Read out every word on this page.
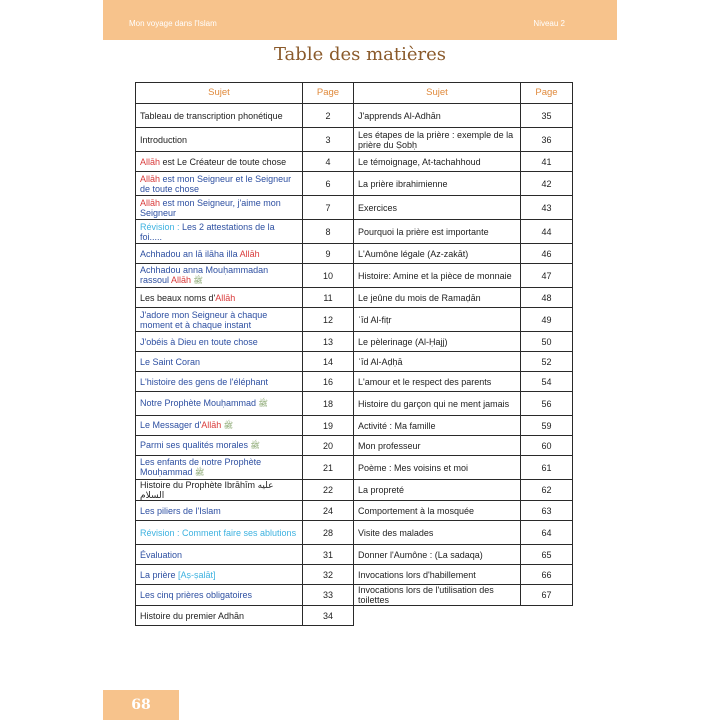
Mon voyage dans l'Islam	Niveau 2
Table des matières
Sujet	Page	Sujet	Page
Tableau de transcription phonétique	2	J'apprends Al-Adhān	35
Introduction	3	Les étapes de la prière : exemple de la prière du Ṣobḥ	36
Allāh est Le Créateur de toute chose	4	Le témoignage, At-tachahhoud	41
Allāh est mon Seigneur et le Seigneur de toute chose	6	La prière ibrahimienne	42
Allāh est mon Seigneur, j'aime mon Seigneur	7	Exercices	43
Révision : Les 2 attestations de la foi.....	8	Pourquoi la prière est importante	44
Achhadou an lā ilāha illa Allāh	9	L'Aumône légale (Az-zakāt)	46
Achhadou anna Mouḥammadan rassoul Allāh ﷺ	10	Histoire: Amine et la pièce de monnaie	47
Les beaux noms d'Allāh	11	Le jeûne du mois de Ramaḍān	48
J'adore mon Seigneur à chaque moment et à chaque instant	12	ʿīd Al-fiṭr	49
J'obéis à Dieu en toute chose	13	Le pèlerinage (Al-Ḥajj)	50
Le Saint Coran	14	ʿīd Al-Aḍḥā	52
L'histoire des gens de l'éléphant	16	L'amour et le respect des parents	54
Notre Prophète Mouḥammad ﷺ	18	Histoire du garçon qui ne ment jamais	56
Le Messager d'Allāh ﷺ	19	Activité : Ma famille	59
Parmi ses qualités morales ﷺ	20	Mon professeur	60
Les enfants de notre Prophète Mouḥammad ﷺ	21	Poème : Mes voisins et moi	61
Histoire du Prophète Ibrāhīm عليه السلام	22	La propreté	62
Les piliers de l'Islam	24	Comportement à la mosquée	63
Révision : Comment faire ses ablutions	28	Visite des malades	64
Évaluation	31	Donner l'Aumône : (La sadaqa)	65
La prière [Aṣ-ṣalāt]	32	Invocations lors d'habillement	66
Les cinq prières obligatoires	33	Invocations lors de l'utilisation des toilettes	67
Histoire du premier Adhān	34		
68
